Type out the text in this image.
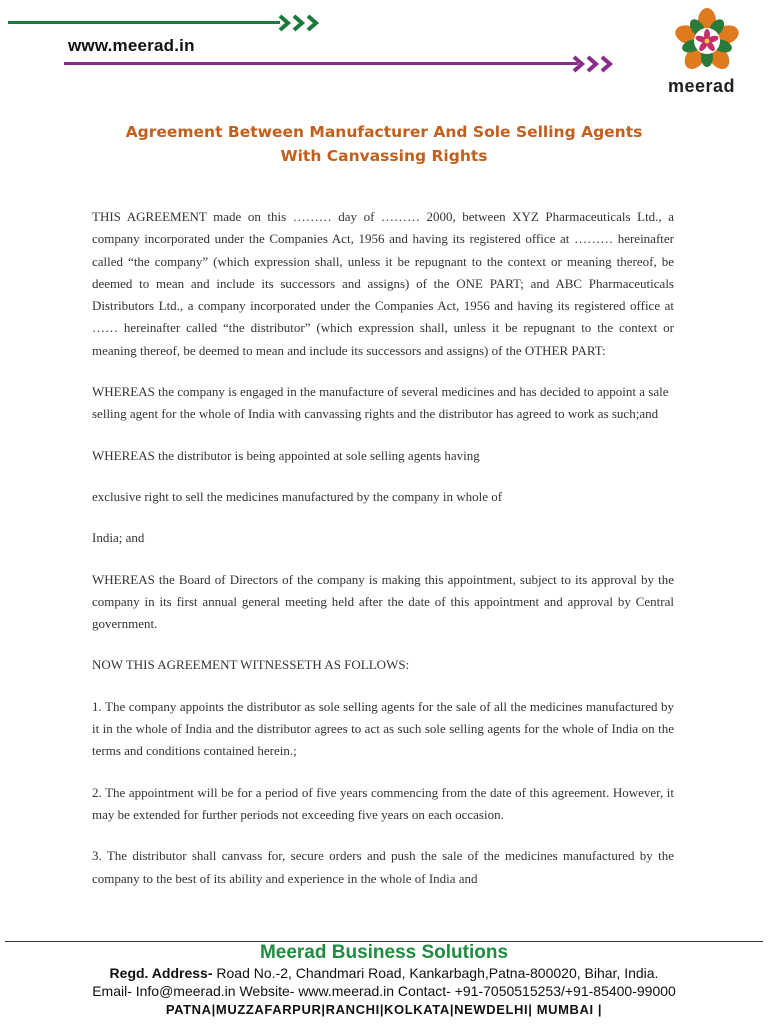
www.meerad.in
meerad
Agreement Between Manufacturer And Sole Selling Agents
With Canvassing Rights

THIS AGREEMENT made on this ……… day of ……… 2000, between XYZ Pharmaceuticals Ltd., a company incorporated under the Companies Act, 1956 and having its registered office at ……… hereinafter called “the company” (which expression shall, unless it be repugnant to the context or meaning thereof, be deemed to mean and include its successors and assigns) of the ONE PART; and ABC Pharmaceuticals Distributors Ltd., a company incorporated under the Companies Act, 1956 and having its registered office at …… hereinafter called “the distributor” (which expression shall, unless it be repugnant to the context or meaning thereof, be deemed to mean and include its successors and assigns) of the OTHER PART:

WHEREAS the company is engaged in the manufacture of several medicines and has decided to appoint a sale selling agent for the whole of India with canvassing rights and the distributor has agreed to work as such;and

WHEREAS the distributor is being appointed at sole selling agents having

exclusive right to sell the medicines manufactured by the company in whole of

India; and

WHEREAS the Board of Directors of the company is making this appointment, subject to its approval by the company in its first annual general meeting held after the date of this appointment and approval by Central government.

NOW THIS AGREEMENT WITNESSETH AS FOLLOWS:

1. The company appoints the distributor as sole selling agents for the sale of all the medicines manufactured by it in the whole of India and the distributor agrees to act as such sole selling agents for the whole of India on the terms and conditions contained herein.;

2. The appointment will be for a period of five years commencing from the date of this agreement. However, it may be extended for further periods not exceeding five years on each occasion.

3. The distributor shall canvass for, secure orders and push the sale of the medicines manufactured by the company to the best of its ability and experience in the whole of India and

Meerad Business Solutions
Regd. Address- Road No.-2, Chandmari Road, Kankarbagh,Patna-800020, Bihar, India.
Email- Info@meerad.in Website- www.meerad.in Contact- +91-7050515253/+91-85400-99000
PATNA|MUZZAFARPUR|RANCHI|KOLKATA|NEWDELHI| MUMBAI |
